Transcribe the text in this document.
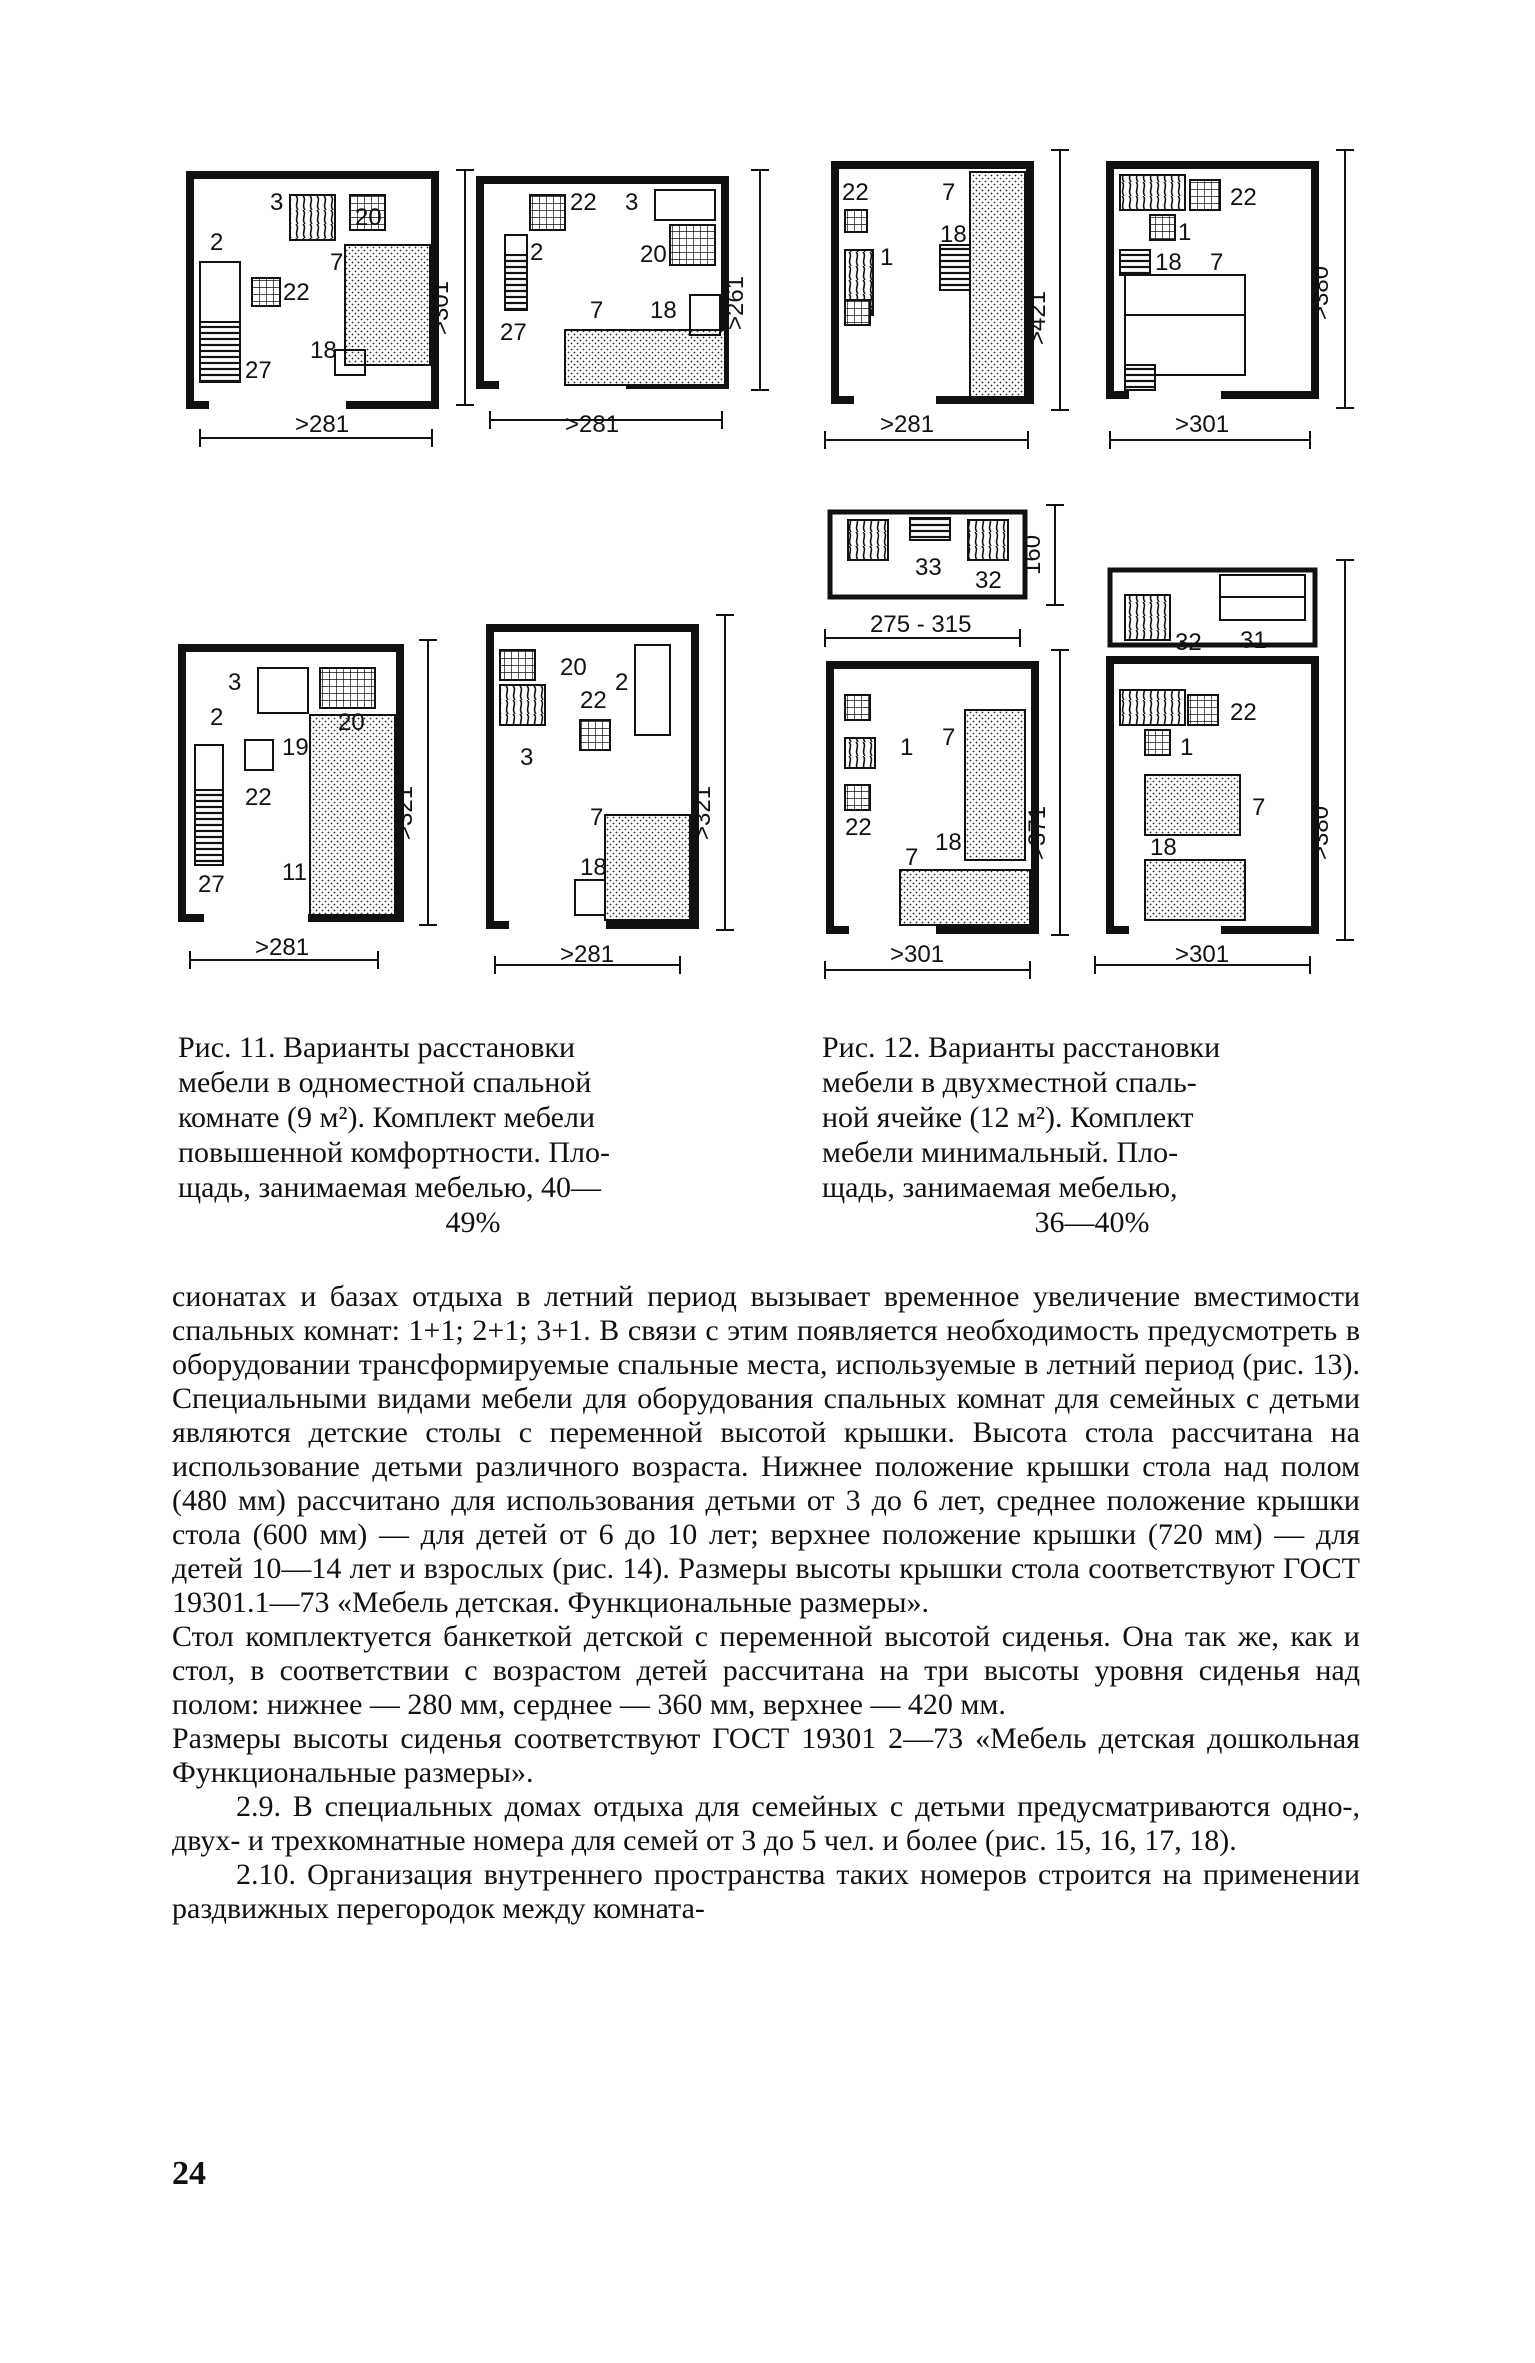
3
2
20
22
7
27
18
>281
>301
22 3
2	20
27
7 18
>281
>261
3
2
19
20
22
27 11
>281
>321
20
22
2
3
7
18
>281
>321
22	7
18
1
>281
>421
22
1
18 7
>301
>380
33 32
275 - 315
160
1 7
22
7
18
>301
>371
32 31
22
1
7
18
>301
>380
Рис. 11. Варианты расстановки
мебели в одноместной спальной
комнате (9 м²). Комплект мебели
повышенной комфортности. Пло-
щадь, занимаемая мебелью, 40—
49%
Рис. 12. Варианты расстановки
мебели в двухместной спаль-
ной ячейке (12 м²). Комплект
мебели минимальный. Пло-
щадь, занимаемая мебелью,
36—40%

сионатах и базах отдыха в летний период вызывает временное увеличение вместимости спальных комнат: 1+1; 2+1; 3+1. В связи с этим появляется необходимость предусмотреть в оборудовании трансформируемые спальные места, используемые в летний период (рис. 13). Специальными видами мебели для оборудования спальных комнат для семейных с детьми являются детские столы с переменной высотой крышки. Высота стола рассчитана на использование детьми различного возраста. Нижнее положение крышки стола над полом (480 мм) рассчитано для использования детьми от 3 до 6 лет, среднее положение крышки стола (600 мм) — для детей от 6 до 10 лет; верхнее положение крышки (720 мм) — для детей 10—14 лет и взрослых (рис. 14). Размеры высоты крышки стола соответствуют ГОСТ 19301.1—73 «Мебель детская. Функциональные размеры».

Стол комплектуется банкеткой детской с переменной высотой сиденья. Она так же, как и стол, в соответствии с возрастом детей рассчитана на три высоты уровня сиденья над полом: нижнее — 280 мм, серднее — 360 мм, верхнее — 420 мм.

Размеры высоты сиденья соответствуют ГОСТ 19301 2—73 «Мебель детская дошкольная Функциональные размеры».

2.9. В специальных домах отдыха для семейных с детьми предусматриваются одно-, двух- и трехкомнатные номера для семей от 3 до 5 чел. и более (рис. 15, 16, 17, 18).

2.10. Организация внутреннего пространства таких номеров строится на применении раздвижных перегородок между комната-

24
